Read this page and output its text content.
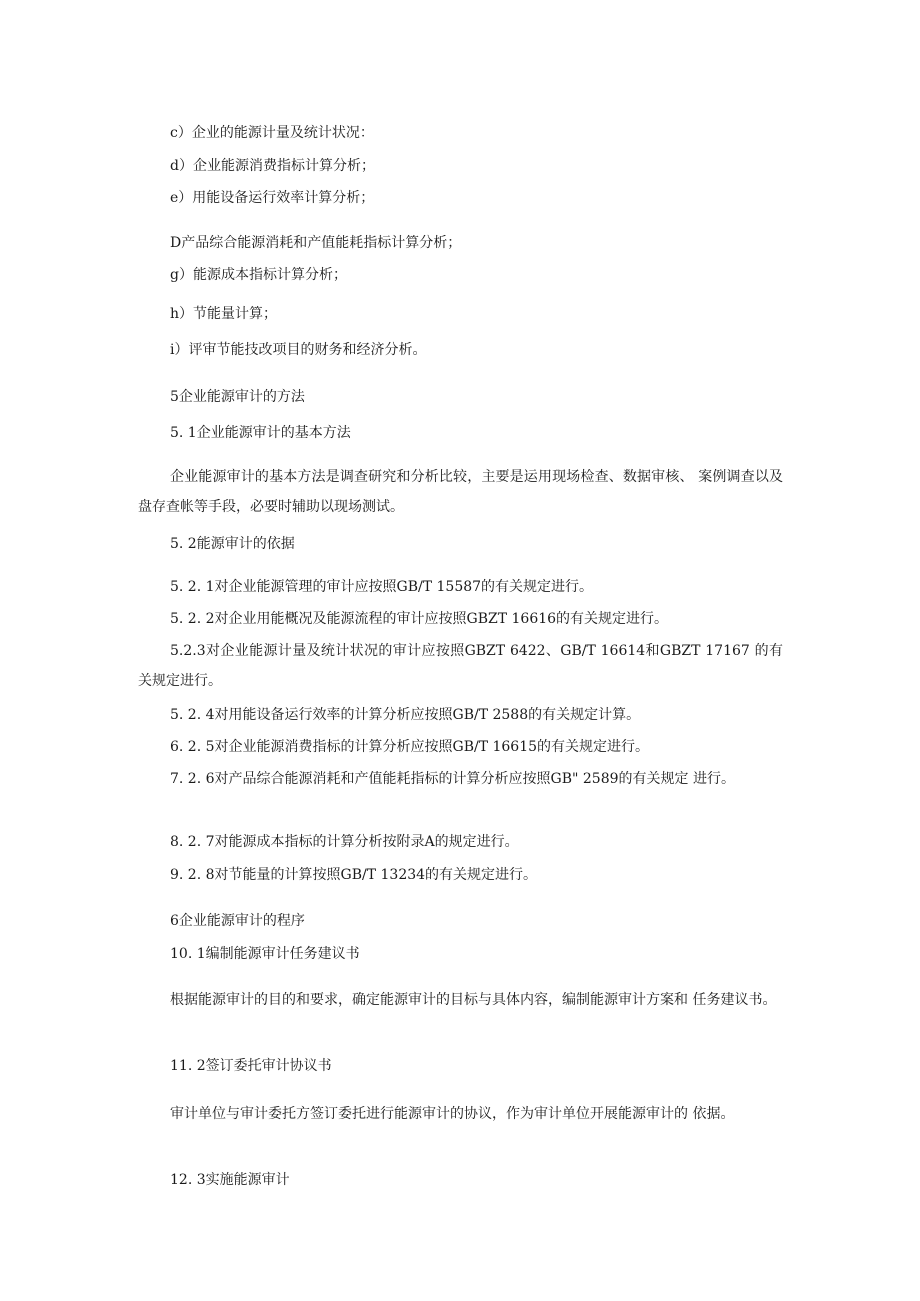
c）企业的能源计量及统计状况：
d）企业能源消费指标计算分析；
e）用能设备运行效率计算分析；
D产品综合能源消耗和产值能耗指标计算分析；
g）能源成本指标计算分析；
h）节能量计算；
i）评审节能技改项目的财务和经济分析。
5企业能源审计的方法
5. 1企业能源审计的基本方法
企业能源审计的基本方法是调查研究和分析比较，主要是运用现场检查、数据审核、 案例调查以及盘存查帐等手段，必要时辅助以现场测试。
5. 2能源审计的依据
5. 2. 1对企业能源管理的审计应按照GB/T 15587的有关规定进行。
5. 2. 2对企业用能概况及能源流程的审计应按照GBZT 16616的有关规定进行。
5.2.3对企业能源计量及统计状况的审计应按照GBZT 6422、GB/T 16614和GBZT 17167 的有关规定进行。
5. 2. 4对用能设备运行效率的计算分析应按照GB/T 2588的有关规定计算。
6. 2. 5对企业能源消费指标的计算分析应按照GB/T 16615的有关规定进行。
7. 2. 6对产品综合能源消耗和产值能耗指标的计算分析应按照GB" 2589的有关规定 进行。
8. 2. 7对能源成本指标的计算分析按附录A的规定进行。
9. 2. 8对节能量的计算按照GB/T 13234的有关规定进行。
6企业能源审计的程序
10. 1编制能源审计任务建议书
根据能源审计的目的和要求，确定能源审计的目标与具体内容，编制能源审计方案和 任务建议书。
11. 2签订委托审计协议书
审计单位与审计委托方签订委托进行能源审计的协议，作为审计单位开展能源审计的 依据。
12. 3实施能源审计
